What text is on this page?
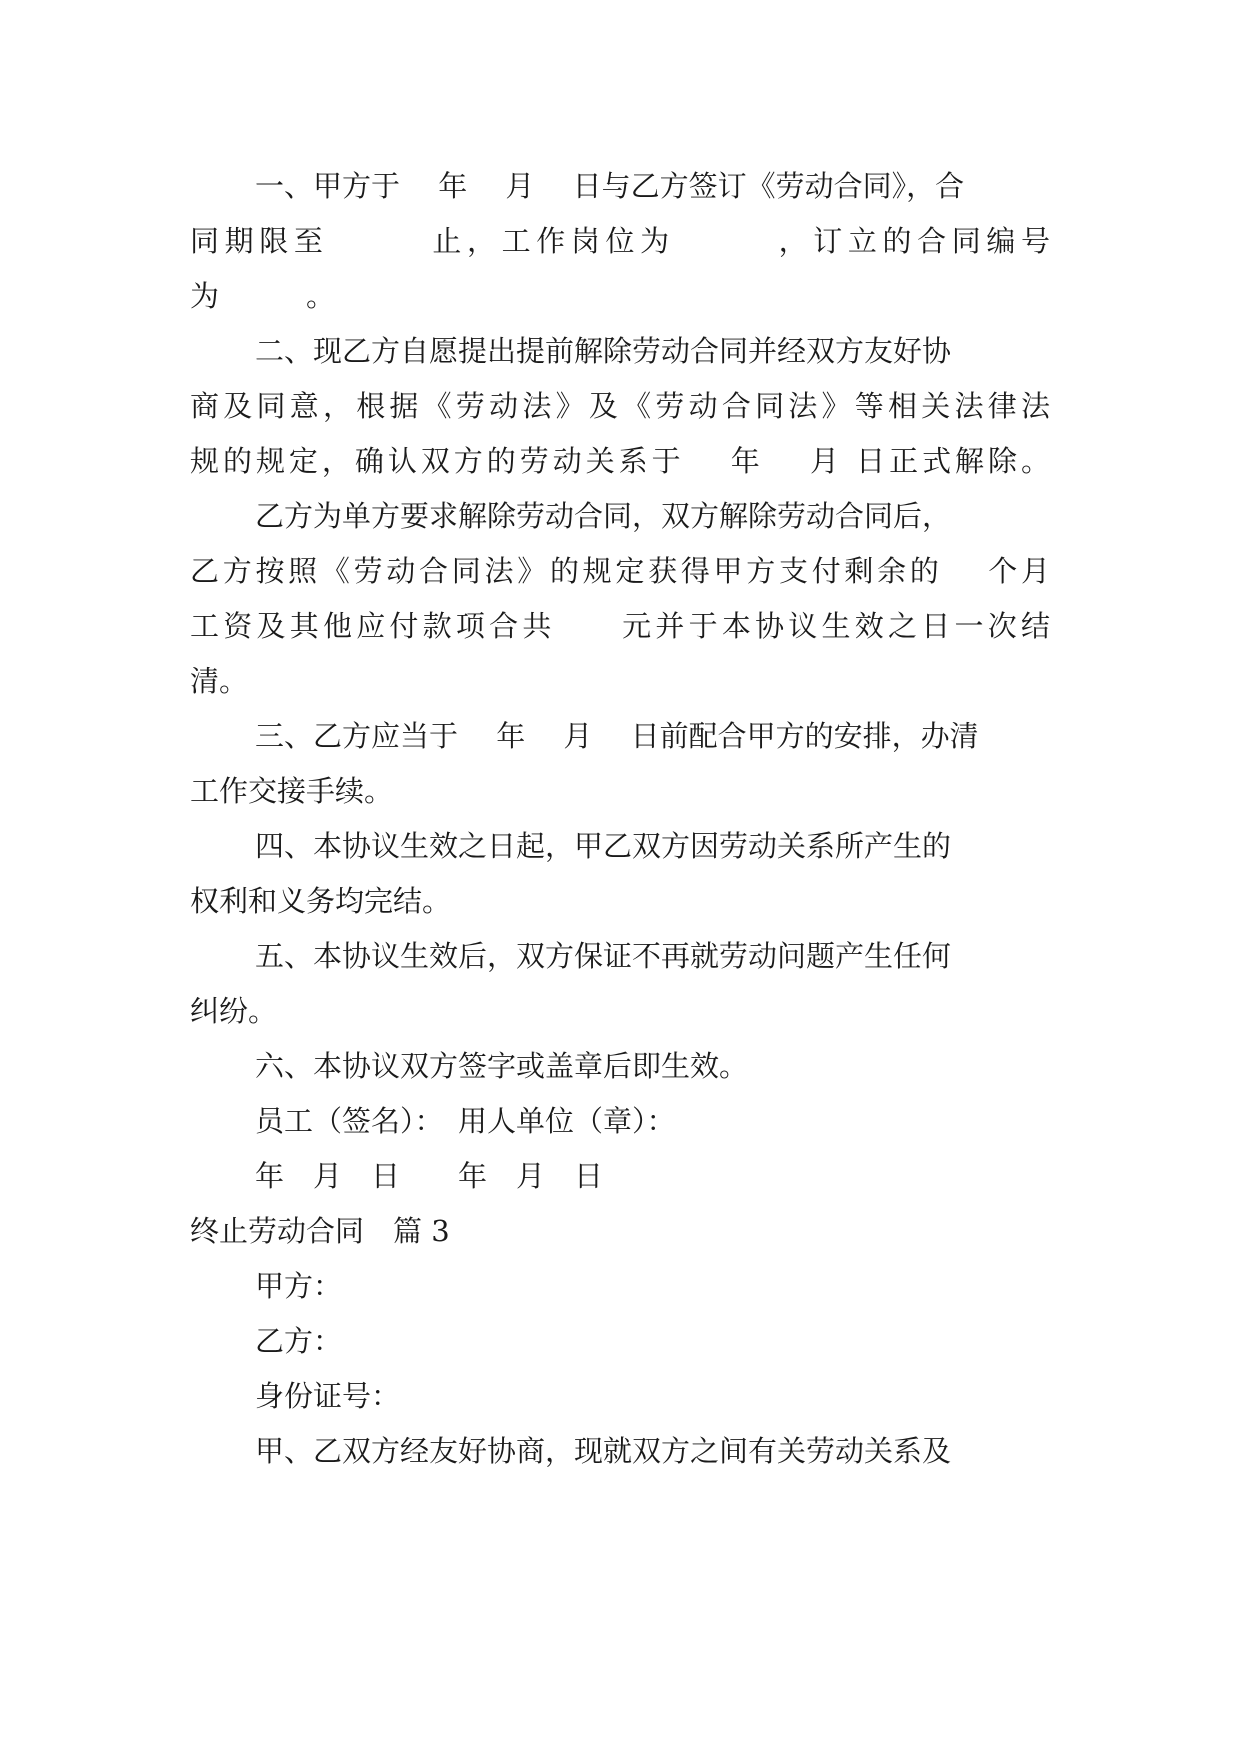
一、甲方于　 年　 月　 日与乙方签订《劳动合同》，合
同期限至　　　止，工作岗位为　　　，订立的合同编号
为　　　。
二、现乙方自愿提出提前解除劳动合同并经双方友好协
商及同意，根据《劳动法》及《劳动合同法》等相关法律法
规的规定，确认双方的劳动关系于　 年　 月 日正式解除。
乙方为单方要求解除劳动合同，双方解除劳动合同后，
乙方按照《劳动合同法》的规定获得甲方支付剩余的　 个月
工资及其他应付款项合共　　元并于本协议生效之日一次结
清。
三、乙方应当于　 年　 月　 日前配合甲方的安排，办清
工作交接手续。
四、本协议生效之日起，甲乙双方因劳动关系所产生的
权利和义务均完结。
五、本协议生效后，双方保证不再就劳动问题产生任何
纠纷。
六、本协议双方签字或盖章后即生效。
员工（签名）：　用人单位（章）：
年　月　日　　年　月　日
终止劳动合同　篇 3
甲方：
乙方：
身份证号：
甲、乙双方经友好协商，现就双方之间有关劳动关系及
